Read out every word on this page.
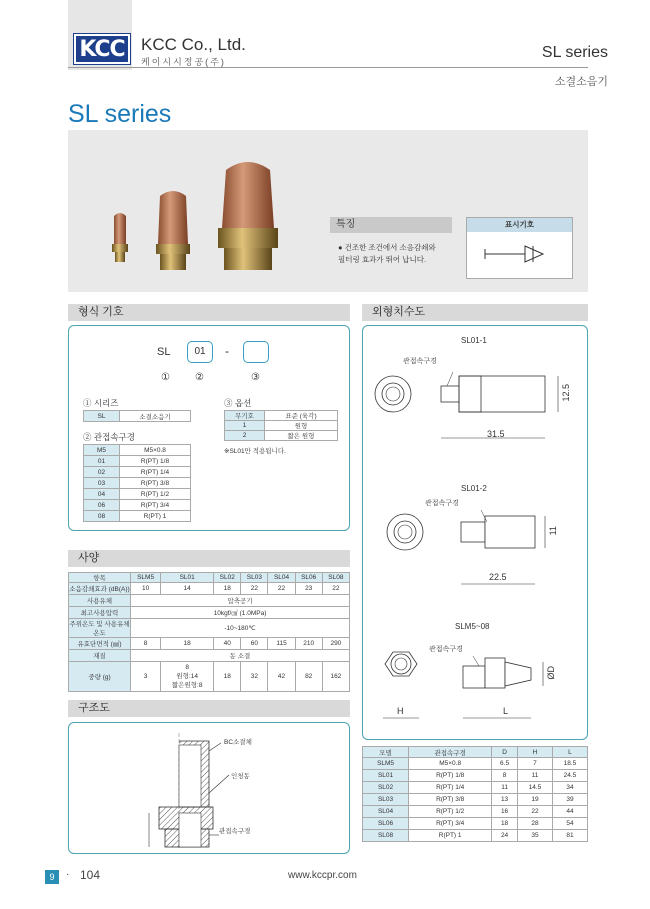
KCC KCC Co., Ltd.
케이시시정공(주)
SL series
소결소음기
SL series
특징
● 건조한 조건에서 소음감쇄와
필터링 효과가 뛰어 납니다.
표시기호
형식 기호
SL	01	-
①	②	③
① 시리즈
SL	소결소음기
② 관접속구경
M5	M5×0.8
01	R(PT) 1/8
02	R(PT) 1/4
03	R(PT) 3/8
04	R(PT) 1/2
06	R(PT) 3/4
08	R(PT) 1
③ 옵션
무기호	표준 (육각)
1	원형
2	짧은 원형
※SL01만 적용됩니다.
사양
항목	SLM5	SL01	SL02	SL03	SL04	SL06	SL08
소음감쇄효과 (dB(A))	10	14	18	22	22	23	22
사용유체	압축공기						
최고사용압력	10kgf/㎠ (1.0MPa)						
주위온도 및 사용유체온도	-10~180℃						
유효단면적 (㎟)	8	18	40	60	115	210	290
재질	동 소결						
중량 (g)	3	8
원형:14
짧은원형:8	18	32	42	82	162
구조도
BC소결체
인청동
관접속구경
외형치수도
SL01-1
관접속구경
31.5
12.5
SL01-2
관접속구경
22.5
11
SLM5~08
관접속구경
ØD
H	L
모델	관접속구경	D	H	L
SLM5	M5×0.8	6.5	7	18.5
SL01	R(PT) 1/8	8	11	24.5
SL02	R(PT) 1/4	11	14.5	34
SL03	R(PT) 3/8	13	19	39
SL04	R(PT) 1/2	16	22	44
SL06	R(PT) 3/4	18	28	54
SL08	R(PT) 1	24	35	81
9	· 104	www.kccpr.com
